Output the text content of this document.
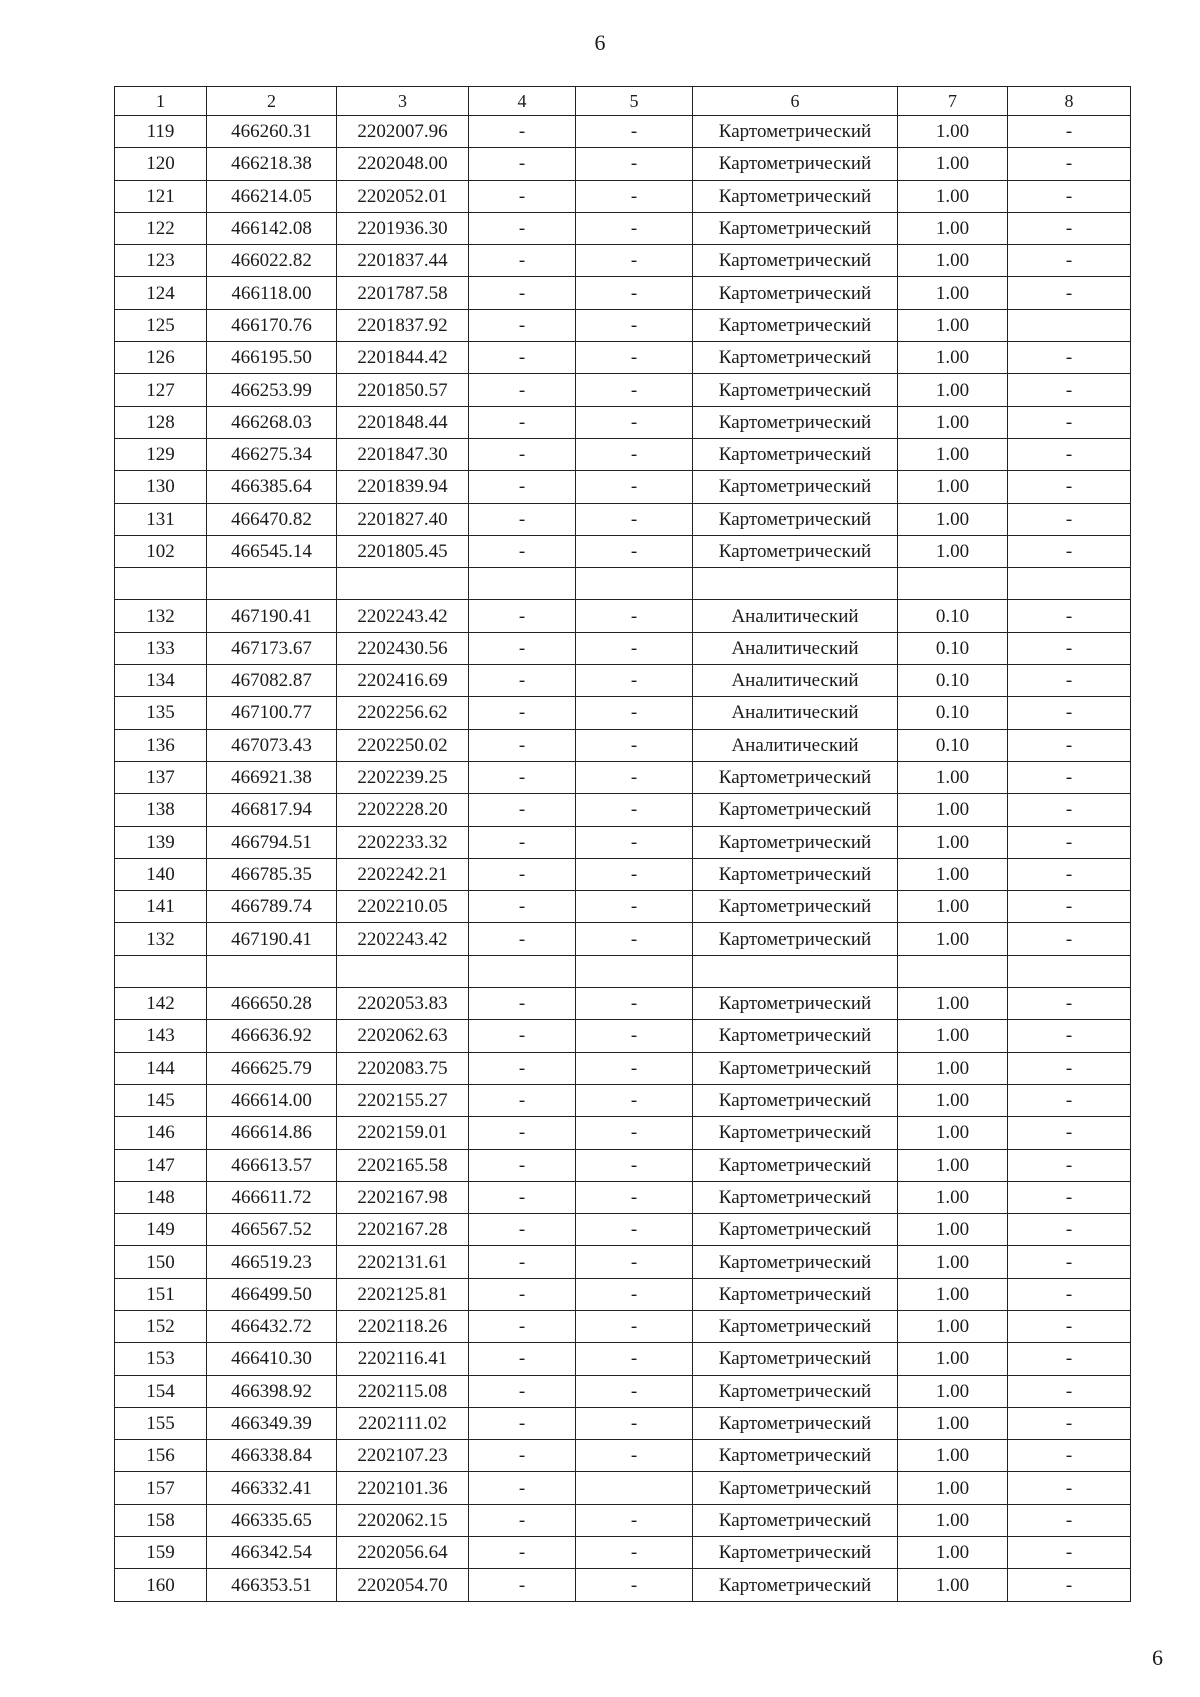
6
1	2	3	4	5	6	7	8
119	466260.31	2202007.96	-	-	Картометрический	1.00	-
120	466218.38	2202048.00	-	-	Картометрический	1.00	-
121	466214.05	2202052.01	-	-	Картометрический	1.00	-
122	466142.08	2201936.30	-	-	Картометрический	1.00	-
123	466022.82	2201837.44	-	-	Картометрический	1.00	-
124	466118.00	2201787.58	-	-	Картометрический	1.00	-
125	466170.76	2201837.92	-	-	Картометрический	1.00	
126	466195.50	2201844.42	-	-	Картометрический	1.00	-
127	466253.99	2201850.57	-	-	Картометрический	1.00	-
128	466268.03	2201848.44	-	-	Картометрический	1.00	-
129	466275.34	2201847.30	-	-	Картометрический	1.00	-
130	466385.64	2201839.94	-	-	Картометрический	1.00	-
131	466470.82	2201827.40	-	-	Картометрический	1.00	-
102	466545.14	2201805.45	-	-	Картометрический	1.00	-

132	467190.41	2202243.42	-	-	Аналитический	0.10	-
133	467173.67	2202430.56	-	-	Аналитический	0.10	-
134	467082.87	2202416.69	-	-	Аналитический	0.10	-
135	467100.77	2202256.62	-	-	Аналитический	0.10	-
136	467073.43	2202250.02	-	-	Аналитический	0.10	-
137	466921.38	2202239.25	-	-	Картометрический	1.00	-
138	466817.94	2202228.20	-	-	Картометрический	1.00	-
139	466794.51	2202233.32	-	-	Картометрический	1.00	-
140	466785.35	2202242.21	-	-	Картометрический	1.00	-
141	466789.74	2202210.05	-	-	Картометрический	1.00	-
132	467190.41	2202243.42	-	-	Картометрический	1.00	-

142	466650.28	2202053.83	-	-	Картометрический	1.00	-
143	466636.92	2202062.63	-	-	Картометрический	1.00	-
144	466625.79	2202083.75	-	-	Картометрический	1.00	-
145	466614.00	2202155.27	-	-	Картометрический	1.00	-
146	466614.86	2202159.01	-	-	Картометрический	1.00	-
147	466613.57	2202165.58	-	-	Картометрический	1.00	-
148	466611.72	2202167.98	-	-	Картометрический	1.00	-
149	466567.52	2202167.28	-	-	Картометрический	1.00	-
150	466519.23	2202131.61	-	-	Картометрический	1.00	-
151	466499.50	2202125.81	-	-	Картометрический	1.00	-
152	466432.72	2202118.26	-	-	Картометрический	1.00	-
153	466410.30	2202116.41	-	-	Картометрический	1.00	-
154	466398.92	2202115.08	-	-	Картометрический	1.00	-
155	466349.39	2202111.02	-	-	Картометрический	1.00	-
156	466338.84	2202107.23	-	-	Картометрический	1.00	-
157	466332.41	2202101.36	-		Картометрический	1.00	-
158	466335.65	2202062.15	-	-	Картометрический	1.00	-
159	466342.54	2202056.64	-	-	Картометрический	1.00	-
160	466353.51	2202054.70	-	-	Картометрический	1.00	-
6
